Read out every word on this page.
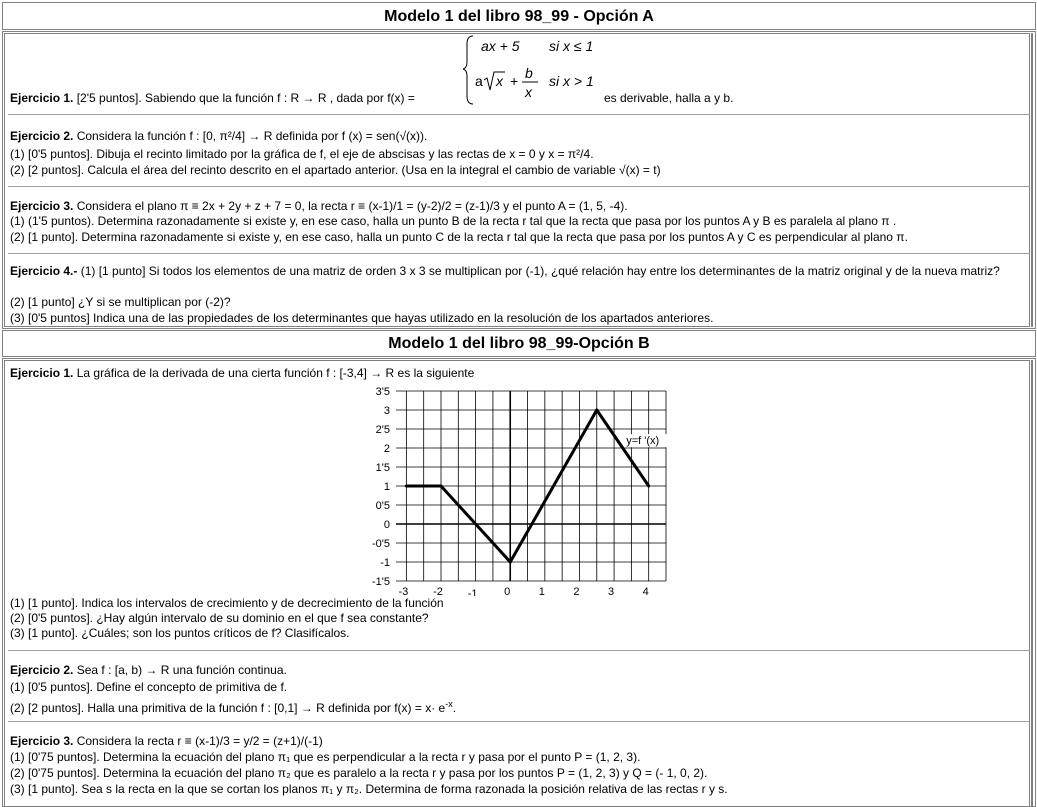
Modelo 1 del libro 98_99 - Opción A
Ejercicio 1. [2'5 puntos]. Sabiendo que la función f : R → R , dada por f(x) =
ax + 5 si x ≤ 1
a x + b
x
si x > 1
es derivable, halla a y b.
Ejercicio 2. Considera la función f : [0, π²/4] → R definida por f (x) = sen(√(x)).
(1) [0'5 puntos]. Dibuja el recinto limitado por la gráfica de f, el eje de abscisas y las rectas de x = 0 y x = π²/4.
(2) [2 puntos]. Calcula el área del recinto descrito en el apartado anterior. (Usa en la integral el cambio de variable √(x) = t)
Ejercicio 3. Considera el plano π ≡ 2x + 2y + z + 7 = 0, la recta r ≡ (x-1)/1 = (y-2)/2 = (z-1)/3 y el punto A = (1, 5, -4).
(1) (1'5 puntos). Determina razonadamente si existe y, en ese caso, halla un punto B de la recta r tal que la recta que pasa por los puntos A y B es paralela al plano π .
(2) [1 punto]. Determina razonadamente si existe y, en ese caso, halla un punto C de la recta r tal que la recta que pasa por los puntos A y C es perpendicular al plano π.
Ejercicio 4.- (1) [1 punto] Si todos los elementos de una matriz de orden 3 x 3 se multiplican por (-1), ¿qué relación hay entre los determinantes de la matriz original y de la nueva matriz?
(2) [1 punto] ¿Y si se multiplican por (-2)?
(3) [0'5 puntos] Indica una de las propiedades de los determinantes que hayas utilizado en la resolución de los apartados anteriores.
Modelo 1 del libro 98_99-Opción B
Ejercicio 1. La gráfica de la derivada de una cierta función f : [-3,4] → R es la siguiente
3'5
3
2'5
2
1'5
1
0'5
0
-0'5
-1
-1'5
-3 -2 -1 0	1	2	3	4
y=f '(x)
(1) [1 punto]. Indica los intervalos de crecimiento y de decrecimiento de la función
(2) [0'5 puntos]. ¿Hay algún intervalo de su dominio en el que f sea constante?
(3) [1 punto]. ¿Cuáles; son los puntos críticos de f? Clasifícalos.
Ejercicio 2. Sea f : [a, b) → R una función continua.
(1) [0'5 puntos]. Define el concepto de primitiva de f.
(2) [2 puntos]. Halla una primitiva de la función f : [0,1] → R definida por $f(x) = x\cdot e^{-x}$.
Ejercicio 3. Considera la recta r ≡ (x-1)/3 = y/2 = (z+1)/(-1)
(1) [0'75 puntos]. Determina la ecuación del plano π₁ que es perpendicular a la recta r y pasa por el punto P = (1, 2, 3).
(2) [0'75 puntos]. Determina la ecuación del plano π₂ que es paralelo a la recta r y pasa por los puntos P = (1, 2, 3) y Q = (- 1, 0, 2).
(3) [1 punto]. Sea s la recta en la que se cortan los planos π₁ y π₂. Determina de forma razonada la posición relativa de las rectas r y s.
